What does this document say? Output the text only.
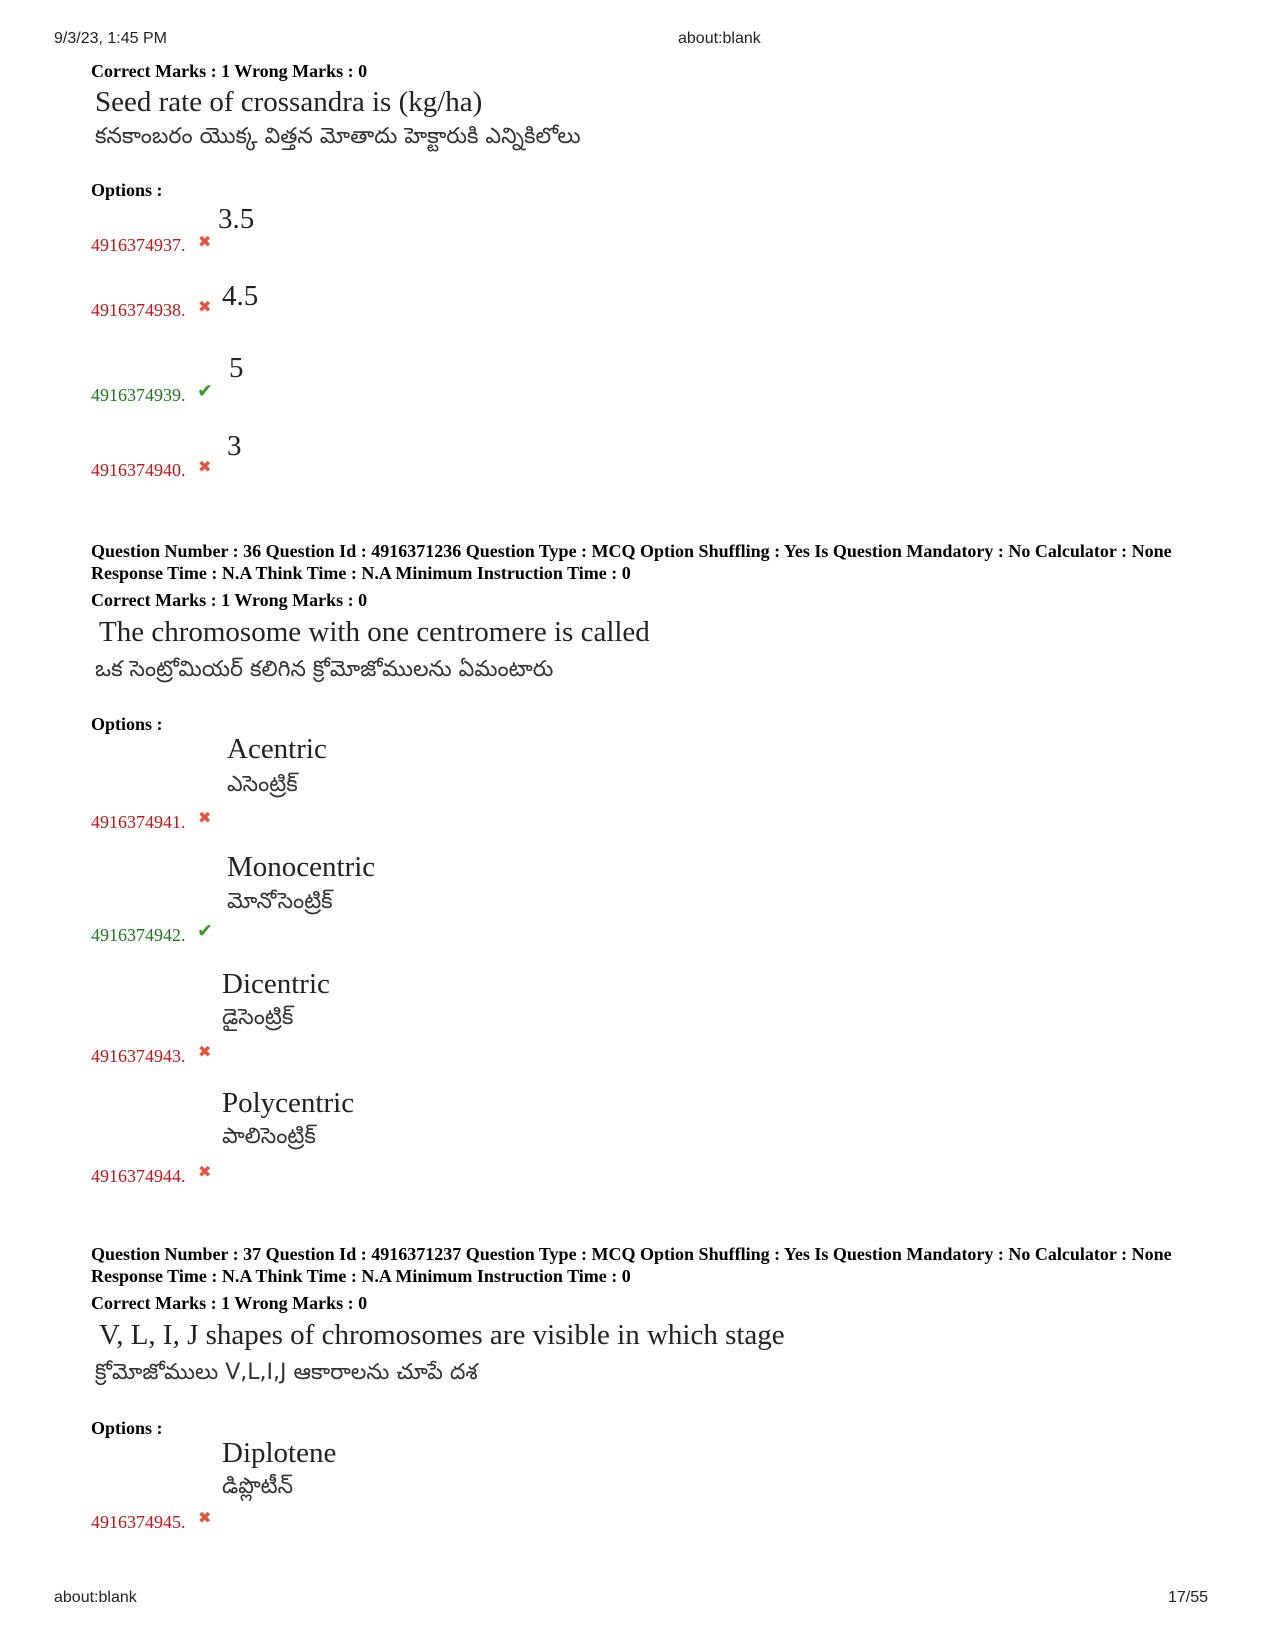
9/3/23, 1:45 PM	about:blank
about:blank	17/55
Correct Marks : 1 Wrong Marks : 0
Seed rate of crossandra is (kg/ha)
కనకాంబరం యొక్క విత్తన మోతాదు హెక్టారుకి ఎన్నికిలోలు
Options :
4916374937. ✖
3.5
4916374938. ✖ 4.5
4916374939. ✔
5
4916374940. ✖
3
Question Number : 36 Question Id : 4916371236 Question Type : MCQ Option Shuffling : Yes Is Question Mandatory : No Calculator : None Response Time : N.A Think Time : N.A Minimum Instruction Time : 0
Correct Marks : 1 Wrong Marks : 0
The chromosome with one centromere is called
ఒక సెంట్రోమియర్ కలిగిన క్రోమోజోములను ఏమంటారు
Options :
Acentric
ఎసెంట్రిక్
4916374941. ✖
Monocentric
మోనోసెంట్రిక్
4916374942. ✔
Dicentric
డైసెంట్రిక్
4916374943. ✖
Polycentric
పాలిసెంట్రిక్
4916374944. ✖
Question Number : 37 Question Id : 4916371237 Question Type : MCQ Option Shuffling : Yes Is Question Mandatory : No Calculator : None Response Time : N.A Think Time : N.A Minimum Instruction Time : 0
Correct Marks : 1 Wrong Marks : 0
V, L, I, J shapes of chromosomes are visible in which stage
క్రోమోజోములు V,L,I,J ఆకారాలను చూపే దశ
Options :
Diplotene
డిప్లొటీన్
4916374945. ✖
